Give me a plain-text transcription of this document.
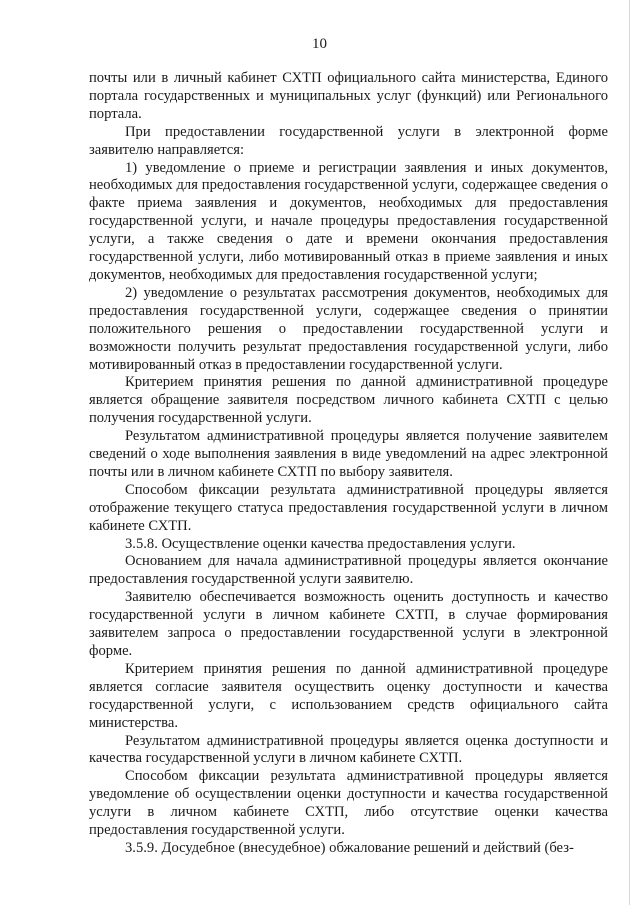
10

почты или в личный кабинет СХТП официального сайта министерства, Единого портала государственных и муниципальных услуг (функций) или Регионального портала.

При предоставлении государственной услуги в электронной форме заявителю направляется:

1) уведомление о приеме и регистрации заявления и иных документов, необходимых для предоставления государственной услуги, содержащее сведения о факте приема заявления и документов, необходимых для предоставления государственной услуги, и начале процедуры предоставления государственной услуги, а также сведения о дате и времени окончания предоставления государственной услуги, либо мотивированный отказ в приеме заявления и иных документов, необходимых для предоставления государственной услуги;

2) уведомление о результатах рассмотрения документов, необходимых для предоставления государственной услуги, содержащее сведения о принятии положительного решения о предоставлении государственной услуги и возможности получить результат предоставления государственной услуги, либо мотивированный отказ в предоставлении государственной услуги.

Критерием принятия решения по данной административной процедуре является обращение заявителя посредством личного кабинета СХТП с целью получения государственной услуги.

Результатом административной процедуры является получение заявителем сведений о ходе выполнения заявления в виде уведомлений на адрес электронной почты или в личном кабинете СХТП по выбору заявителя.

Способом фиксации результата административной процедуры является отображение текущего статуса предоставления государственной услуги в личном кабинете СХТП.

3.5.8. Осуществление оценки качества предоставления услуги.

Основанием для начала административной процедуры является окончание предоставления государственной услуги заявителю.

Заявителю обеспечивается возможность оценить доступность и качество государственной услуги в личном кабинете СХТП, в случае формирования заявителем запроса о предоставлении государственной услуги в электронной форме.

Критерием принятия решения по данной административной процедуре является согласие заявителя осуществить оценку доступности и качества государственной услуги, с использованием средств официального сайта министерства.

Результатом административной процедуры является оценка доступности и качества государственной услуги в личном кабинете СХТП.

Способом фиксации результата административной процедуры является уведомление об осуществлении оценки доступности и качества государственной услуги в личном кабинете СХТП, либо отсутствие оценки качества предоставления государственной услуги.

3.5.9. Досудебное (внесудебное) обжалование решений и действий (без-
